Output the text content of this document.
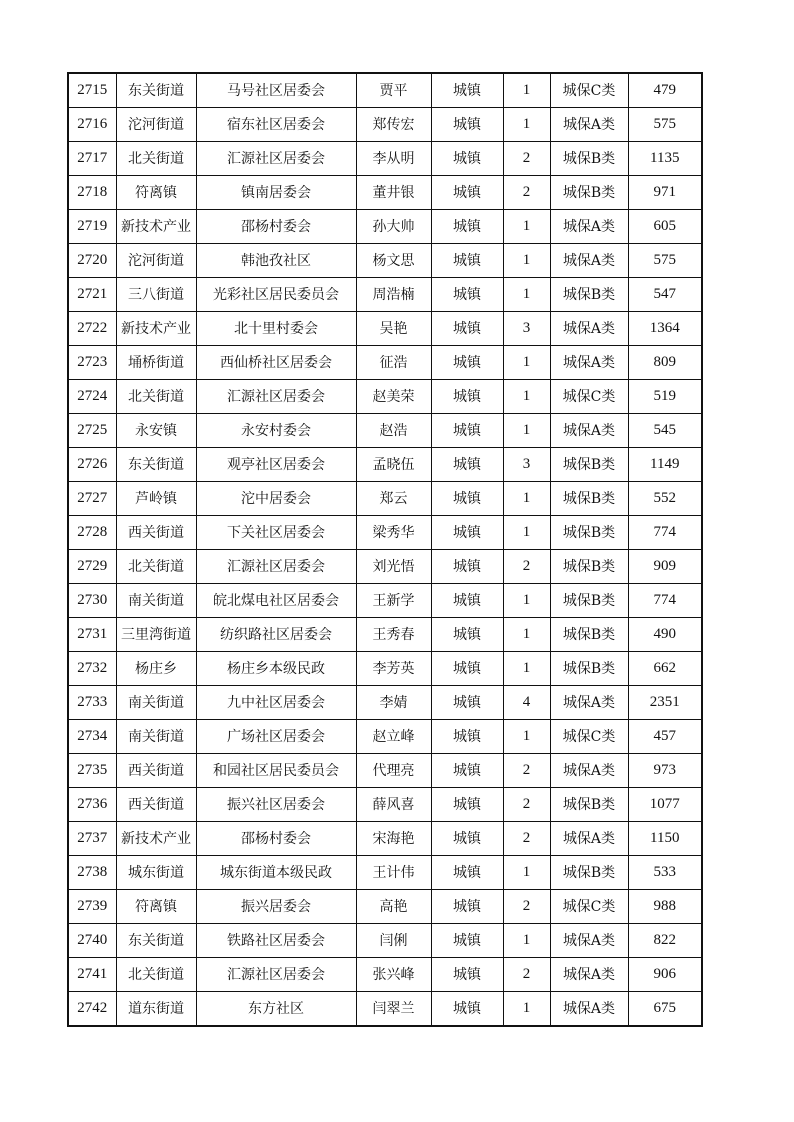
2715	东关街道	马号社区居委会	贾平	城镇	1	城保C类	479
2716	沱河街道	宿东社区居委会	郑传宏	城镇	1	城保A类	575
2717	北关街道	汇源社区居委会	李从明	城镇	2	城保B类	1135
2718	符离镇	镇南居委会	董井银	城镇	2	城保B类	971
2719	新技术产业	邵杨村委会	孙大帅	城镇	1	城保A类	605
2720	沱河街道	韩池孜社区	杨文思	城镇	1	城保A类	575
2721	三八街道	光彩社区居民委员会	周浩楠	城镇	1	城保B类	547
2722	新技术产业	北十里村委会	吴艳	城镇	3	城保A类	1364
2723	埇桥街道	西仙桥社区居委会	征浩	城镇	1	城保A类	809
2724	北关街道	汇源社区居委会	赵美荣	城镇	1	城保C类	519
2725	永安镇	永安村委会	赵浩	城镇	1	城保A类	545
2726	东关街道	观亭社区居委会	孟晓伍	城镇	3	城保B类	1149
2727	芦岭镇	沱中居委会	郑云	城镇	1	城保B类	552
2728	西关街道	下关社区居委会	梁秀华	城镇	1	城保B类	774
2729	北关街道	汇源社区居委会	刘光悟	城镇	2	城保B类	909
2730	南关街道	皖北煤电社区居委会	王新学	城镇	1	城保B类	774
2731	三里湾街道	纺织路社区居委会	王秀春	城镇	1	城保B类	490
2732	杨庄乡	杨庄乡本级民政	李芳英	城镇	1	城保B类	662
2733	南关街道	九中社区居委会	李婧	城镇	4	城保A类	2351
2734	南关街道	广场社区居委会	赵立峰	城镇	1	城保C类	457
2735	西关街道	和园社区居民委员会	代理亮	城镇	2	城保A类	973
2736	西关街道	振兴社区居委会	薛风喜	城镇	2	城保B类	1077
2737	新技术产业	邵杨村委会	宋海艳	城镇	2	城保A类	1150
2738	城东街道	城东街道本级民政	王计伟	城镇	1	城保B类	533
2739	符离镇	振兴居委会	高艳	城镇	2	城保C类	988
2740	东关街道	铁路社区居委会	闫俐	城镇	1	城保A类	822
2741	北关街道	汇源社区居委会	张兴峰	城镇	2	城保A类	906
2742	道东街道	东方社区	闫翠兰	城镇	1	城保A类	675
